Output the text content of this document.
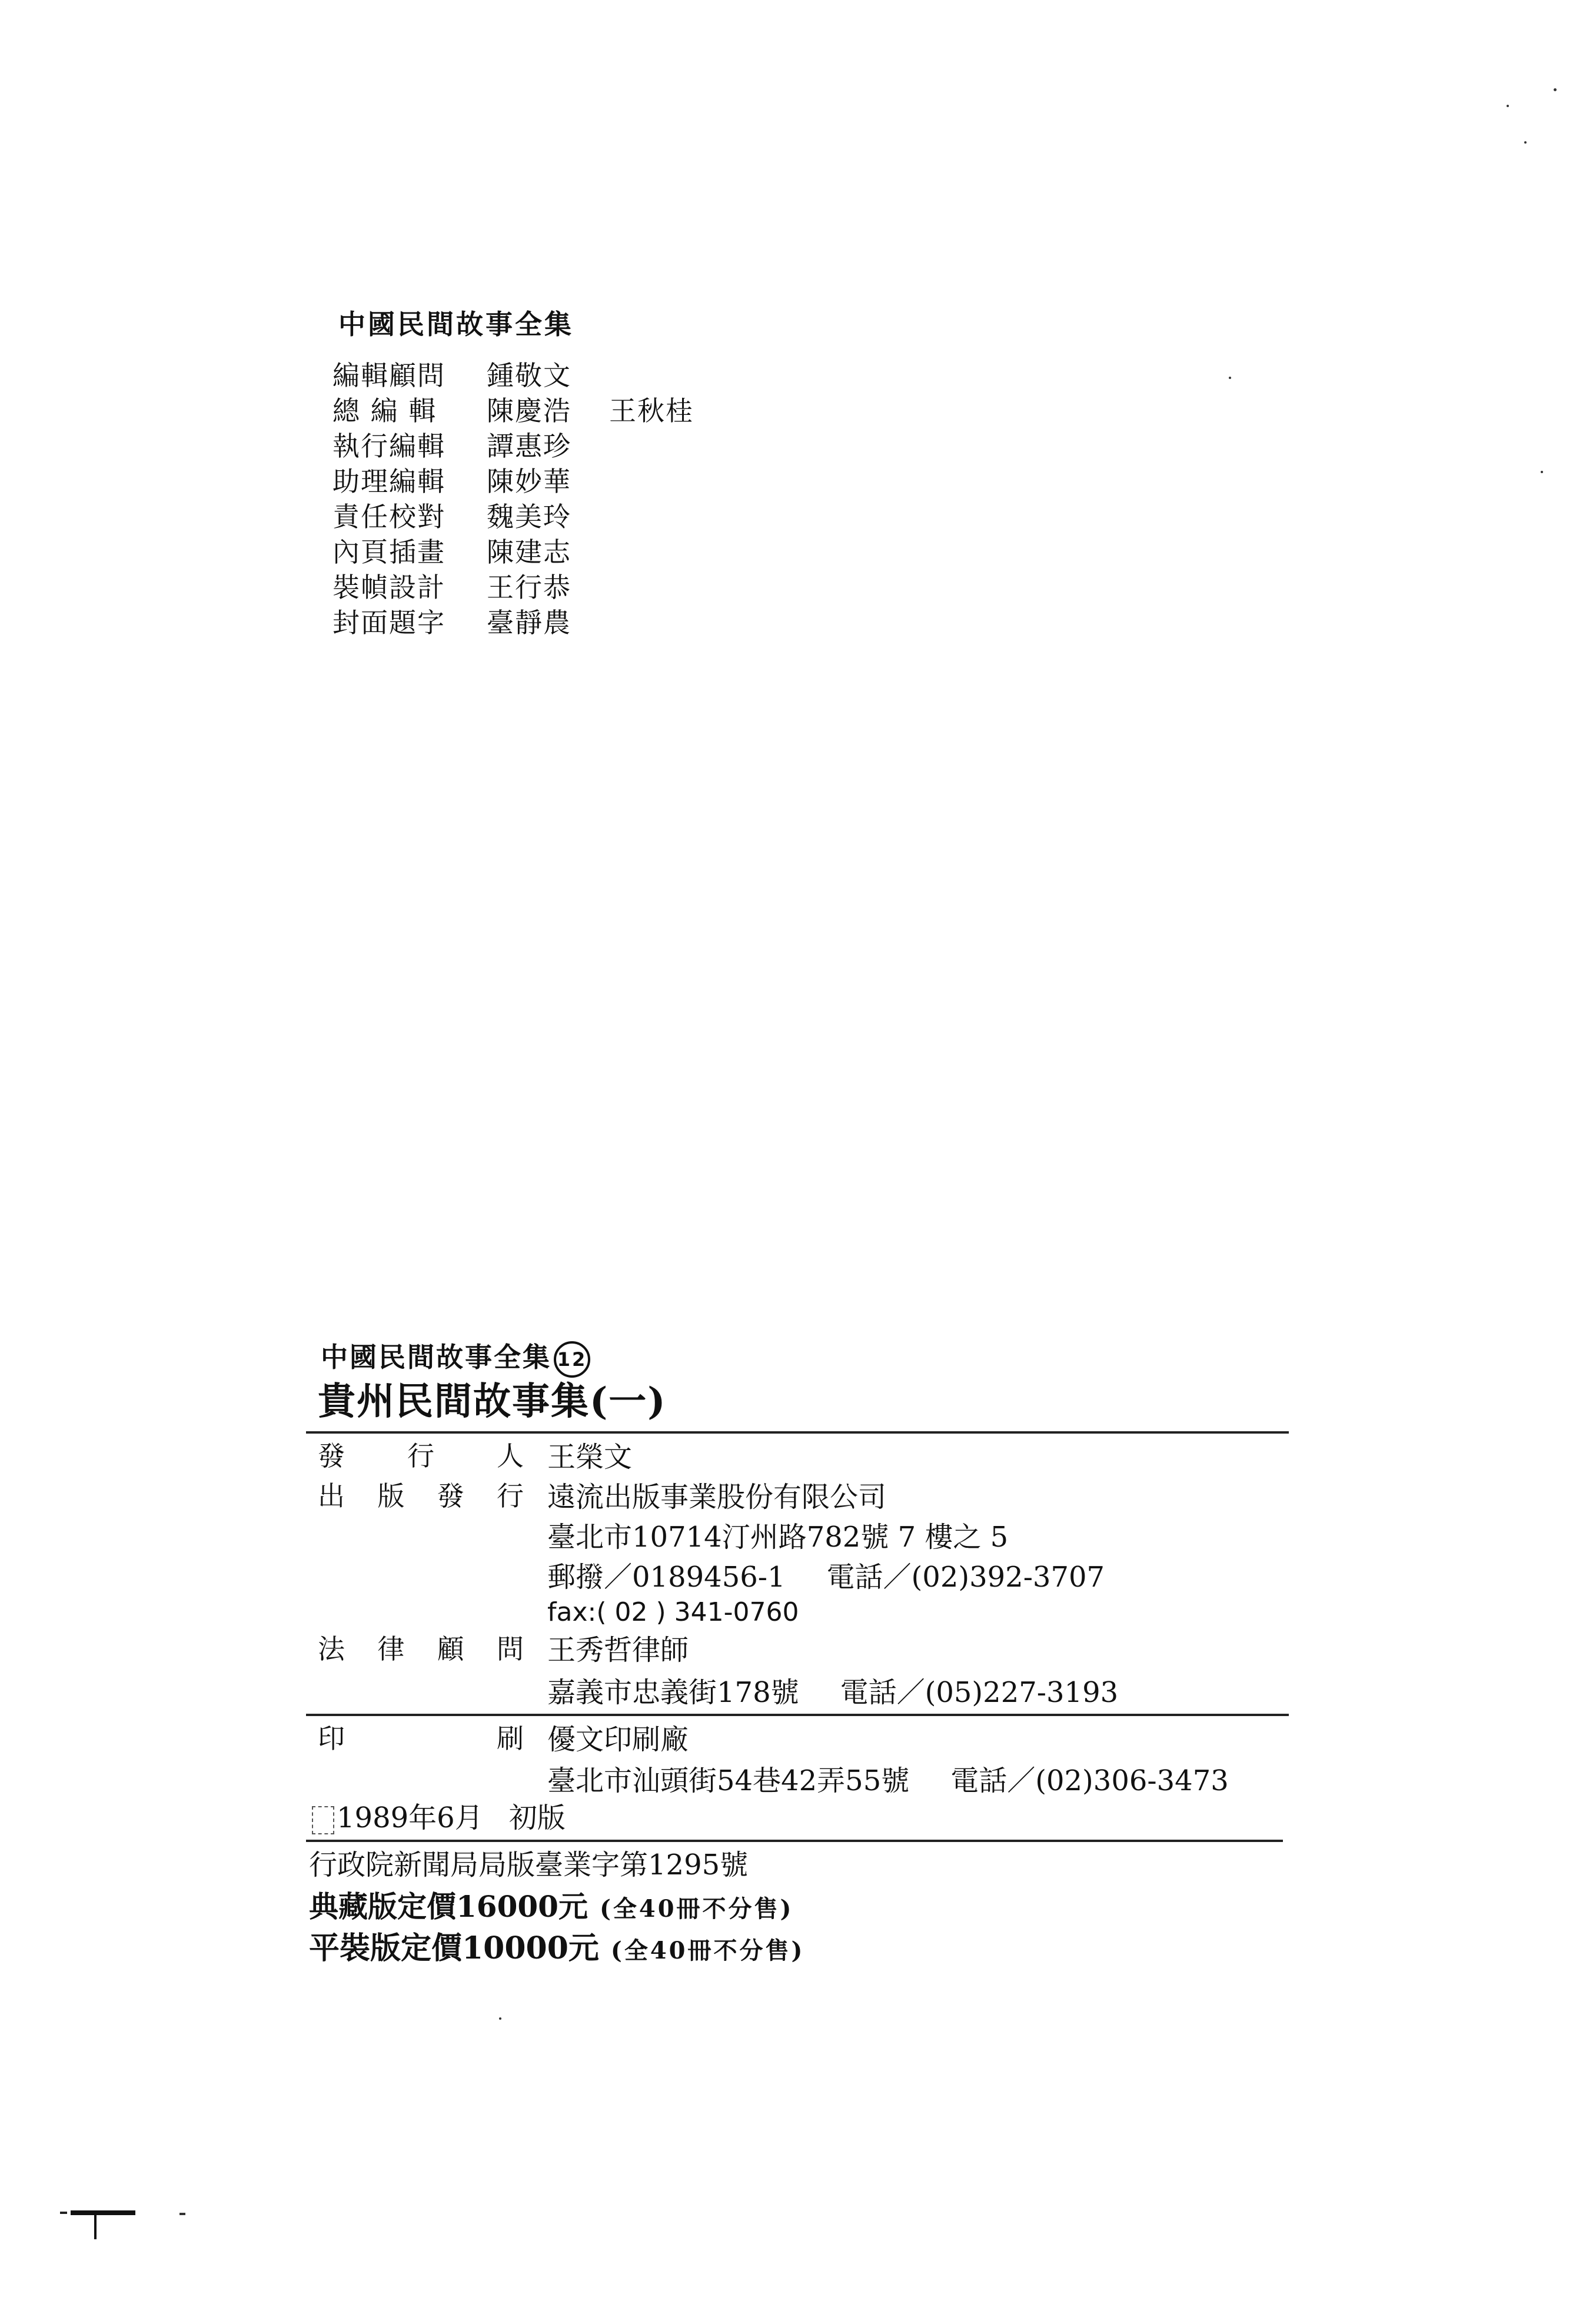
中國民間故事全集
編輯顧問	鍾敬文
總 編 輯	陳慶浩	王秋桂
執行編輯	譚惠珍
助理編輯	陳妙華
責任校對	魏美玲
內頁插畫	陳建志
裝幀設計	王行恭
封面題字	臺靜農
中國民間故事全集 12
貴州民間故事集(一)
發 行 人 王榮文
出 版 發 行 遠流出版事業股份有限公司
臺北市10714汀州路782號 7 樓之 5
郵撥／0189456-1 電話／(02)392-3707
fax:( 02 ) 341-0760
法 律 顧 問 王秀哲律師
嘉義市忠義街178號 電話／(05)227-3193
印	刷 優文印刷廠
臺北市汕頭街54巷42弄55號 電話／(02)306-3473
1989年6月 初版
行政院新聞局局版臺業字第1295號
典藏版定價16000元 (全40冊不分售)
平裝版定價10000元 (全40冊不分售)
